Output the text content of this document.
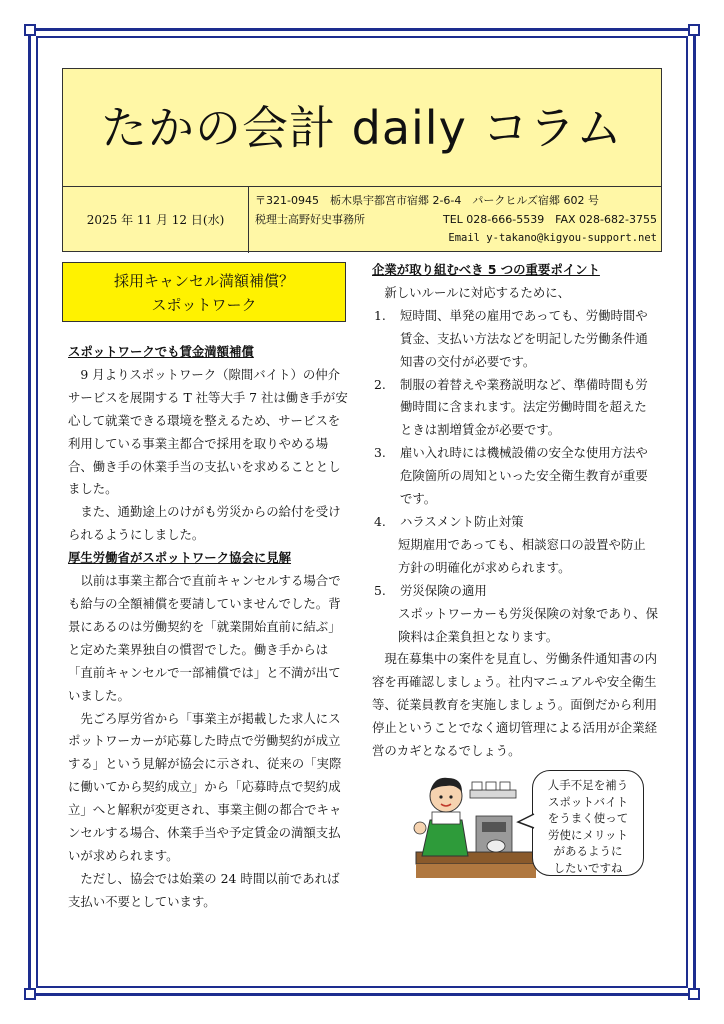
たかの会計 daily コラム
2025 年 11 月 12 日(水)
〒321-0945　栃木県宇都宮市宿郷 2-6-4　パークヒルズ宿郷 602 号
税理士高野好史事務所	TEL 028-666-5539　FAX 028-682-3755
Email y-takano@kigyou-support.net
採用キャンセル満額補償？
スポットワーク

スポットワークでも賃金満額補償

9 月よりスポットワーク（隙間バイト）の仲介サービスを展開する T 社等大手 7 社は働き手が安心して就業できる環境を整えるため、サービスを利用している事業主都合で採用を取りやめる場合、働き手の休業手当の支払いを求めることとしました。

また、通勤途上のけがも労災からの給付を受けられるようにしました。

厚生労働省がスポットワーク協会に見解

以前は事業主都合で直前キャンセルする場合でも給与の全額補償を要請していませんでした。背景にあるのは労働契約を「就業開始直前に結ぶ」と定めた業界独自の慣習でした。働き手からは「直前キャンセルで一部補償では」と不満が出ていました。

先ごろ厚労省から「事業主が掲載した求人にスポットワーカーが応募した時点で労働契約が成立する」という見解が協会に示され、従来の「実際に働いてから契約成立」から「応募時点で契約成立」へと解釈が変更され、事業主側の都合でキャンセルする場合、休業手当や予定賃金の満額支払いが求められます。

ただし、協会では始業の 24 時間以前であれば支払い不要としています。

企業が取り組むべき 5 つの重要ポイント

新しいルールに対応するために、

1.	短時間、単発の雇用であっても、労働時間や賃金、支払い方法などを明記した労働条件通知書の交付が必要です。
2.	制服の着替えや業務説明など、準備時間も労働時間に含まれます。法定労働時間を超えたときは割増賃金が必要です。
3.	雇い入れ時には機械設備の安全な使用方法や危険箇所の周知といった安全衛生教育が重要です。
4.	ハラスメント防止対策

短期雇用であっても、相談窓口の設置や防止方針の明確化が求められます。

5.	労災保険の適用

スポットワーカーも労災保険の対象であり、保険料は企業負担となります。

現在募集中の案件を見直し、労働条件通知書の内容を再確認しましょう。社内マニュアルや安全衛生等、従業員教育を実施しましょう。面倒だから利用停止ということでなく適切管理による活用が企業経営のカギとなるでしょう。

人手不足を補う
スポットバイト
をうまく使って
労使にメリット
があるように
したいですね
